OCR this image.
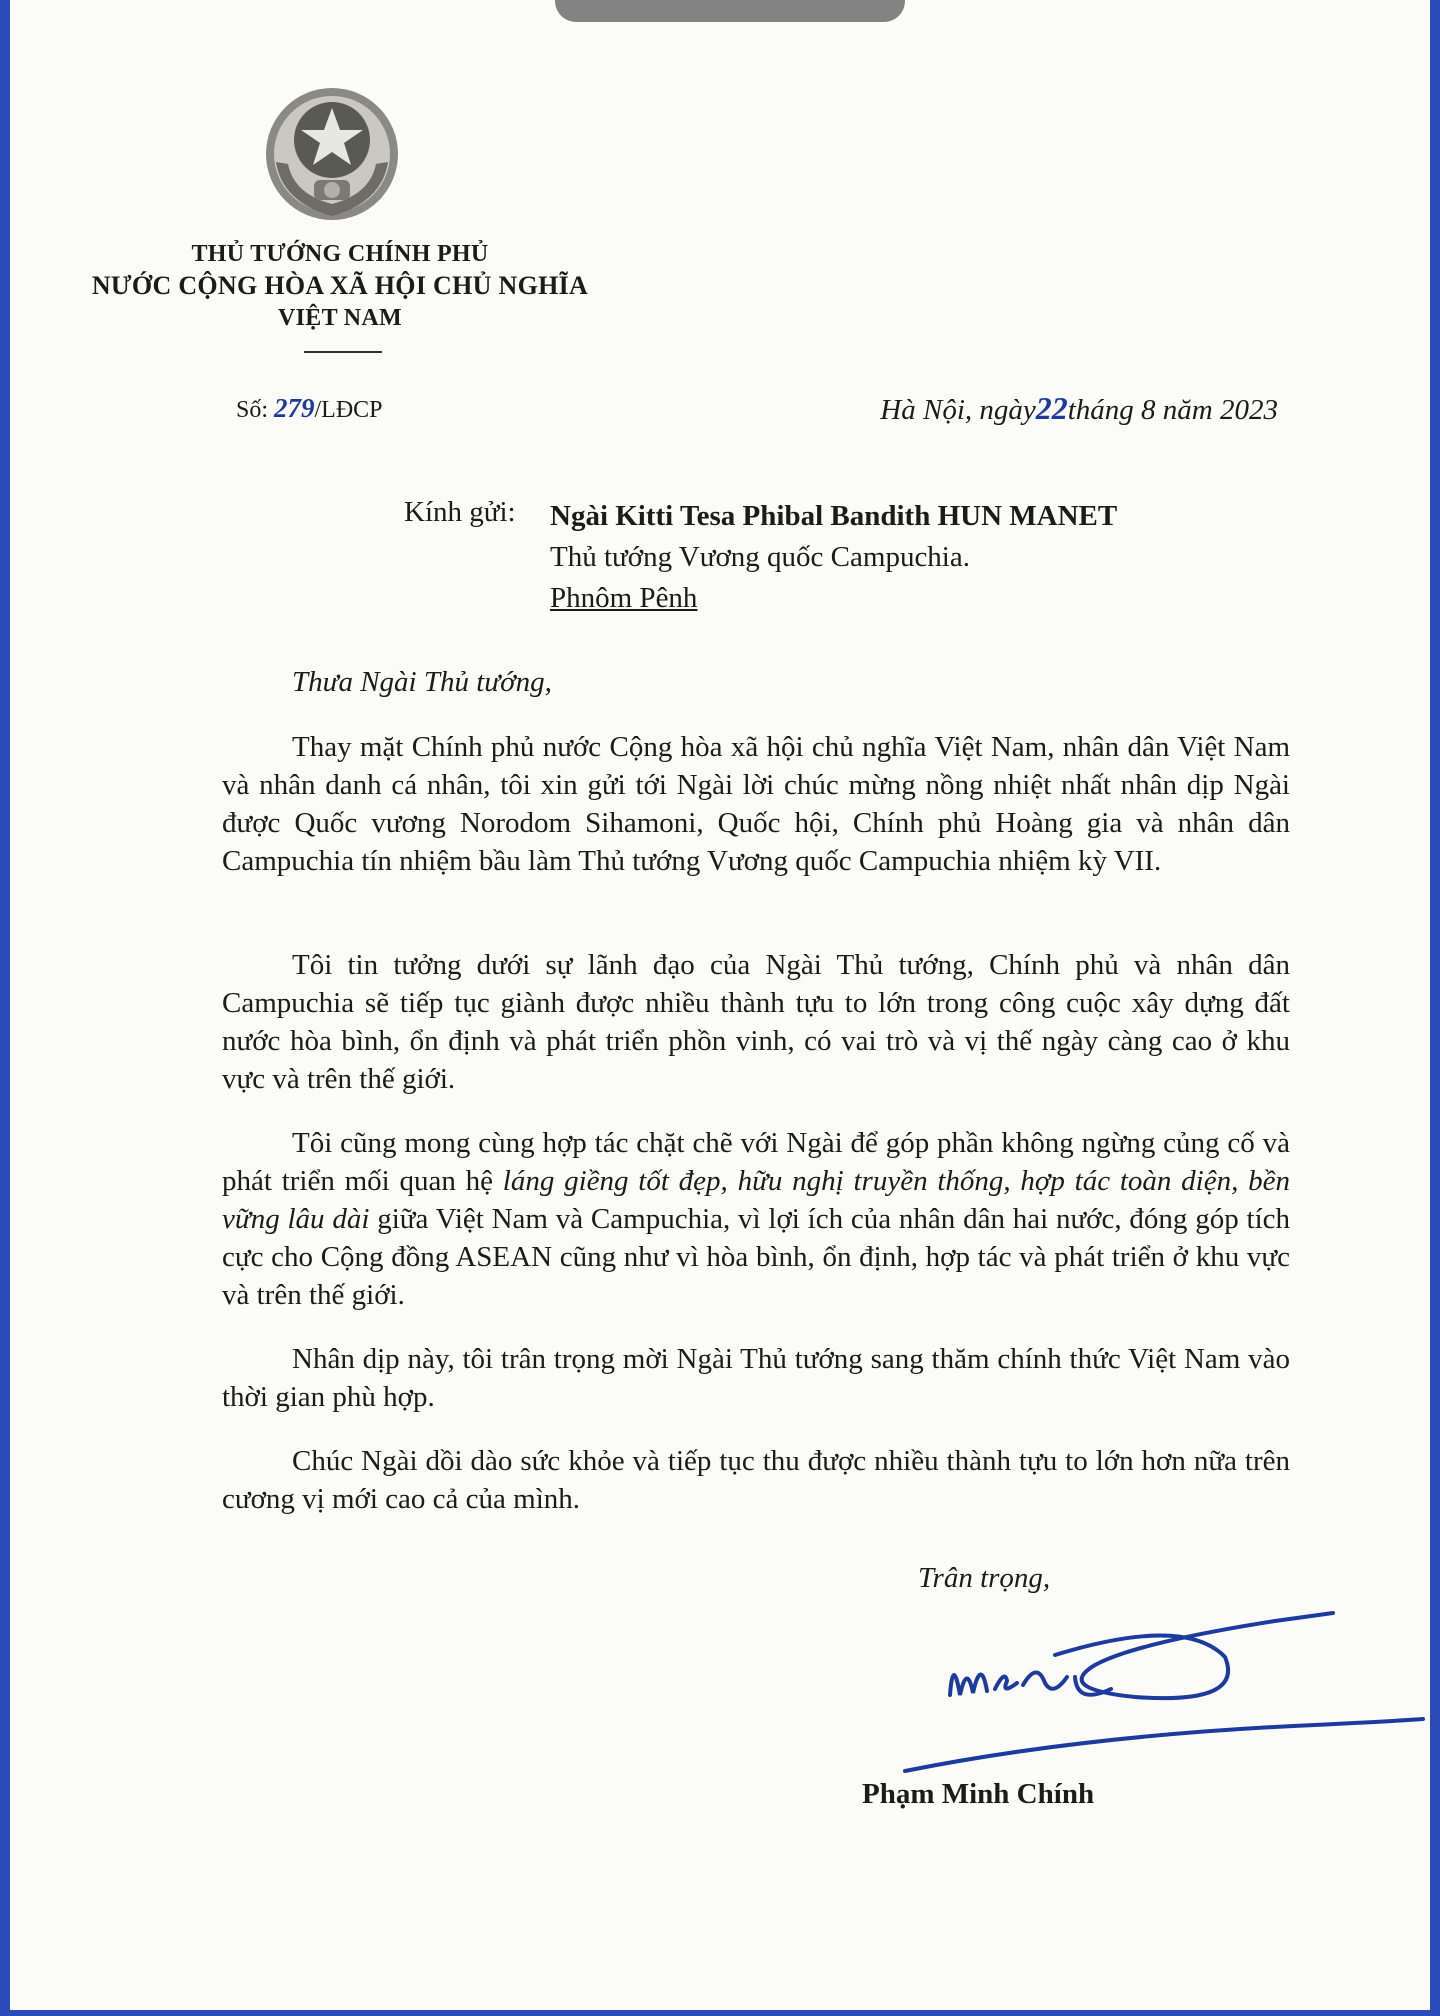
THỦ TƯỚNG CHÍNH PHỦ
NƯỚC CỘNG HÒA XÃ HỘI CHỦ NGHĨA
VIỆT NAM
Số: 279/LĐCP	Hà Nội, ngày22tháng 8 năm 2023
Kính gửi: Ngài Kitti Tesa Phibal Bandith HUN MANET
Thủ tướng Vương quốc Campuchia.
Phnôm Pênh
Thưa Ngài Thủ tướng,

Thay mặt Chính phủ nước Cộng hòa xã hội chủ nghĩa Việt Nam, nhân dân Việt Nam và nhân danh cá nhân, tôi xin gửi tới Ngài lời chúc mừng nồng nhiệt nhất nhân dịp Ngài được Quốc vương Norodom Sihamoni, Quốc hội, Chính phủ Hoàng gia và nhân dân Campuchia tín nhiệm bầu làm Thủ tướng Vương quốc Campuchia nhiệm kỳ VII.

Tôi tin tưởng dưới sự lãnh đạo của Ngài Thủ tướng, Chính phủ và nhân dân Campuchia sẽ tiếp tục giành được nhiều thành tựu to lớn trong công cuộc xây dựng đất nước hòa bình, ổn định và phát triển phồn vinh, có vai trò và vị thế ngày càng cao ở khu vực và trên thế giới.

Tôi cũng mong cùng hợp tác chặt chẽ với Ngài để góp phần không ngừng củng cố và phát triển mối quan hệ láng giềng tốt đẹp, hữu nghị truyền thống, hợp tác toàn diện, bền vững lâu dài giữa Việt Nam và Campuchia, vì lợi ích của nhân dân hai nước, đóng góp tích cực cho Cộng đồng ASEAN cũng như vì hòa bình, ổn định, hợp tác và phát triển ở khu vực và trên thế giới.

Nhân dịp này, tôi trân trọng mời Ngài Thủ tướng sang thăm chính thức Việt Nam vào thời gian phù hợp.

Chúc Ngài dồi dào sức khỏe và tiếp tục thu được nhiều thành tựu to lớn hơn nữa trên cương vị mới cao cả của mình.

Trân trọng,
Phạm Minh Chính
